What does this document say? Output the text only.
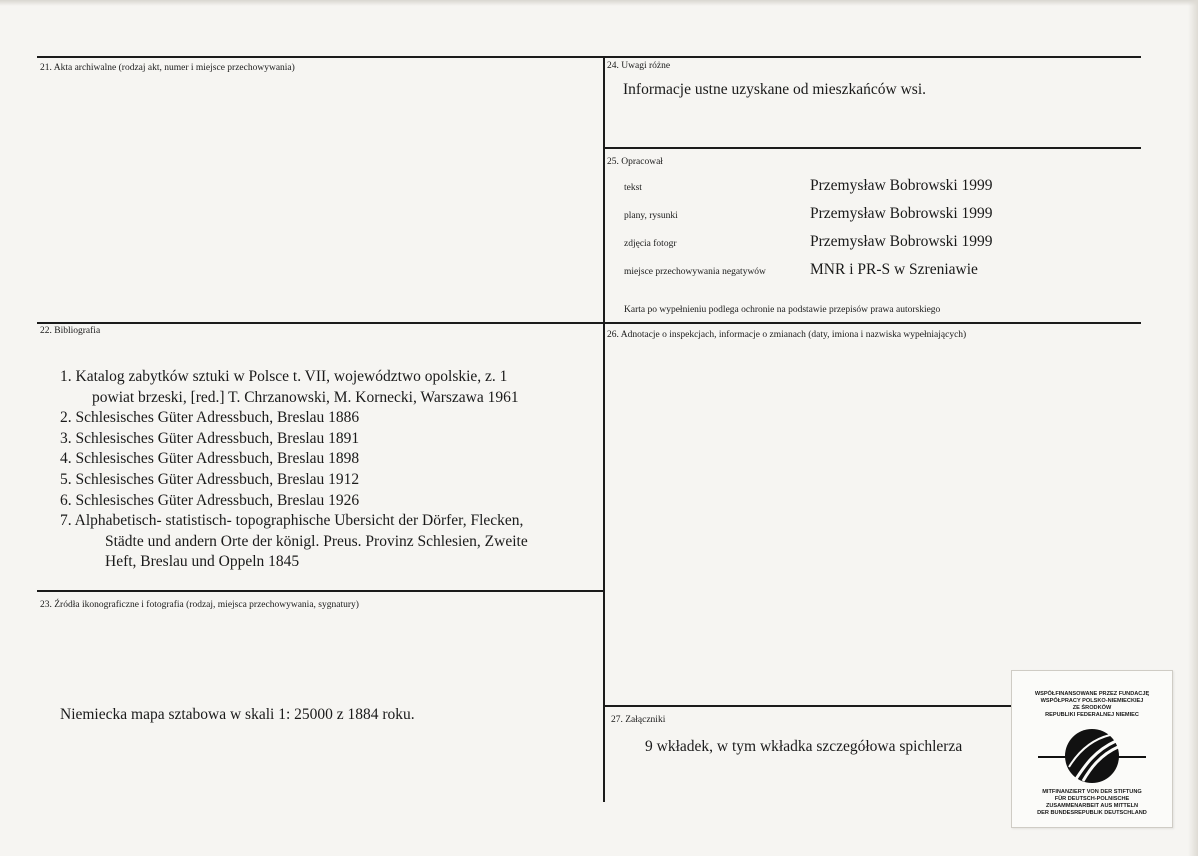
21. Akta archiwalne (rodzaj akt, numer i miejsce przechowywania)
22. Bibliografia
1. Katalog zabytków sztuki w Polsce t. VII, województwo opolskie, z. 1
powiat brzeski, [red.] T. Chrzanowski, M. Kornecki, Warszawa 1961
2. Schlesisches Güter Adressbuch, Breslau 1886
3. Schlesisches Güter Adressbuch, Breslau 1891
4. Schlesisches Güter Adressbuch, Breslau 1898
5. Schlesisches Güter Adressbuch, Breslau 1912
6. Schlesisches Güter Adressbuch, Breslau 1926
7. Alphabetisch- statistisch- topographische Ubersicht der Dörfer, Flecken,
Städte und andern Orte der königl. Preus. Provinz Schlesien, Zweite
Heft, Breslau und Oppeln 1845
23. Źródła ikonograficzne i fotografia (rodzaj, miejsca przechowywania, sygnatury)
Niemiecka mapa sztabowa w skali 1: 25000 z 1884 roku.
24. Uwagi różne
Informacje ustne uzyskane od mieszkańców wsi.
25. Opracował
tekst	Przemysław Bobrowski 1999
plany, rysunki	Przemysław Bobrowski 1999
zdjęcia fotogr	Przemysław Bobrowski 1999
miejsce przechowywania negatywów	MNR i PR-S w Szreniawie
Karta po wypełnieniu podlega ochronie na podstawie przepisów prawa autorskiego
26. Adnotacje o inspekcjach, informacje o zmianach (daty, imiona i nazwiska wypełniających)
27. Załączniki
9 wkładek, w tym wkładka szczegółowa spichlerza
WSPÓŁFINANSOWANE PRZEZ FUNDACJĘ
WSPÓŁPRACY POLSKO-NIEMIECKIEJ
ZE ŚRODKÓW
REPUBLIKI FEDERALNEJ NIEMIEC
MITFINANZIERT VON DER STIFTUNG
FÜR DEUTSCH-POLNISCHE
ZUSAMMENARBEIT AUS MITTELN
DER BUNDESREPUBLIK DEUTSCHLAND
